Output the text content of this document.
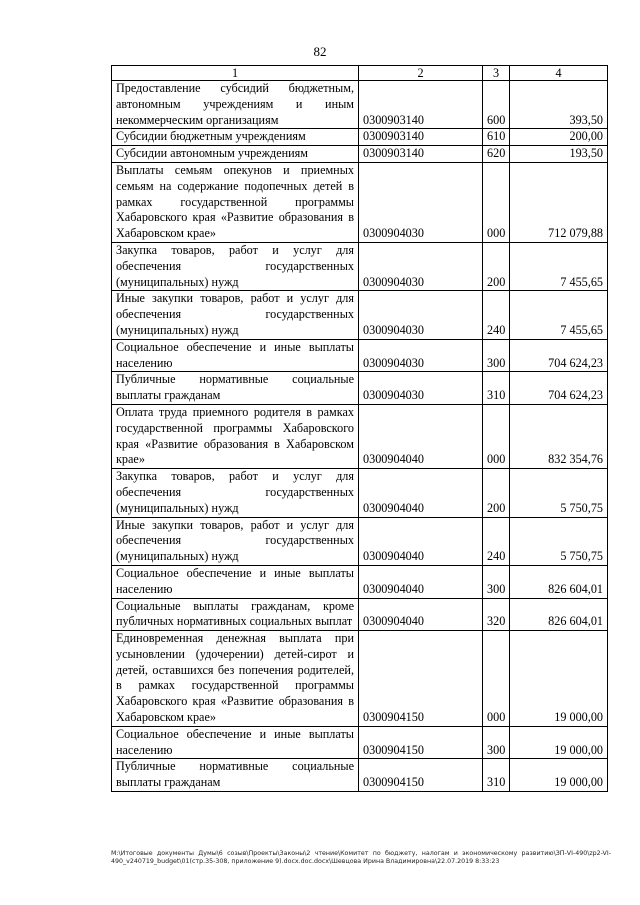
82
1	2	3	4
Предоставление субсидий бюджетным, автономным учреждениям и иным некоммерческим организациям	0300903140	600	393,50
Субсидии бюджетным учреждениям	0300903140	610	200,00
Субсидии автономным учреждениям	0300903140	620	193,50
Выплаты семьям опекунов и приемных семьям на содержание подопечных детей в рамках государственной программы Хабаровского края «Развитие образования в Хабаровском крае»	0300904030	000	712 079,88
Закупка товаров, работ и услуг для обеспечения государственных (муниципальных) нужд	0300904030	200	7 455,65
Иные закупки товаров, работ и услуг для обеспечения государственных (муниципальных) нужд	0300904030	240	7 455,65
Социальное обеспечение и иные выплаты населению	0300904030	300	704 624,23
Публичные нормативные социальные выплаты гражданам	0300904030	310	704 624,23
Оплата труда приемного родителя в рамках государственной программы Хабаровского края «Развитие образования в Хабаровском крае»	0300904040	000	832 354,76
Закупка товаров, работ и услуг для обеспечения государственных (муниципальных) нужд	0300904040	200	5 750,75
Иные закупки товаров, работ и услуг для обеспечения государственных (муниципальных) нужд	0300904040	240	5 750,75
Социальное обеспечение и иные выплаты населению	0300904040	300	826 604,01
Социальные выплаты гражданам, кроме публичных нормативных социальных выплат	0300904040	320	826 604,01
Единовременная денежная выплата при усыновлении (удочерении) детей-сирот и детей, оставшихся без попечения родителей, в рамках государственной программы Хабаровского края «Развитие образования в Хабаровском крае»	0300904150	000	19 000,00
Социальное обеспечение и иные выплаты населению	0300904150	300	19 000,00
Публичные нормативные социальные выплаты гражданам	0300904150	310	19 000,00
M:\Итоговые документы Думы\6 созыв\Проекты\Законы\2 чтение\Комитет по бюджету, налогам и экономическому развитию\ЗП-VI-490\zp2-VI-490_v240719_budget\01(стр.35-308, приложение 9).docx.doc.docx\Шевцова Ирина Владимировна\22.07.2019 8:33:23
